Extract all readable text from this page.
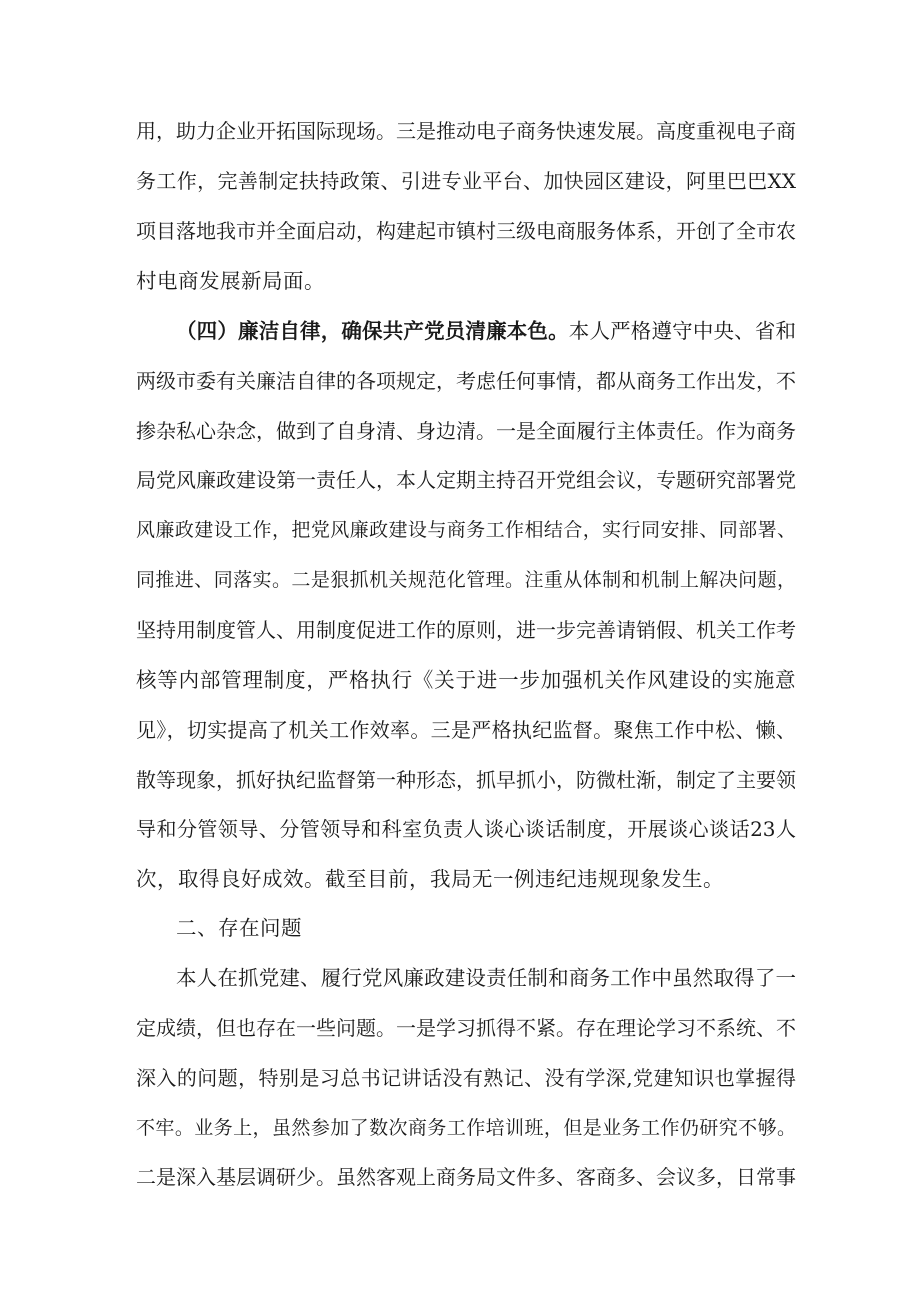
用，助力企业开拓国际现场。三是推动电子商务快速发展。高度重视电子商
务工作，完善制定扶持政策、引进专业平台、加快园区建设，阿里巴巴XX
项目落地我市并全面启动，构建起市镇村三级电商服务体系，开创了全市农
村电商发展新局面。
（四）廉洁自律，确保共产党员清廉本色。本人严格遵守中央、省和
两级市委有关廉洁自律的各项规定，考虑任何事情，都从商务工作出发，不
掺杂私心杂念，做到了自身清、身边清。一是全面履行主体责任。作为商务
局党风廉政建设第一责任人，本人定期主持召开党组会议，专题研究部署党
风廉政建设工作，把党风廉政建设与商务工作相结合，实行同安排、同部署、
同推进、同落实。二是狠抓机关规范化管理。注重从体制和机制上解决问题，
坚持用制度管人、用制度促进工作的原则，进一步完善请销假、机关工作考
核等内部管理制度，严格执行《关于进一步加强机关作风建设的实施意
见》，切实提高了机关工作效率。三是严格执纪监督。聚焦工作中松、懒、
散等现象，抓好执纪监督第一种形态，抓早抓小，防微杜渐，制定了主要领
导和分管领导、分管领导和科室负责人谈心谈话制度，开展谈心谈话23人
次，取得良好成效。截至目前，我局无一例违纪违规现象发生。
二、存在问题
本人在抓党建、履行党风廉政建设责任制和商务工作中虽然取得了一
定成绩，但也存在一些问题。一是学习抓得不紧。存在理论学习不系统、不
深入的问题，特别是习总书记讲话没有熟记、没有学深,党建知识也掌握得
不牢。业务上，虽然参加了数次商务工作培训班，但是业务工作仍研究不够。
二是深入基层调研少。虽然客观上商务局文件多、客商多、会议多，日常事
